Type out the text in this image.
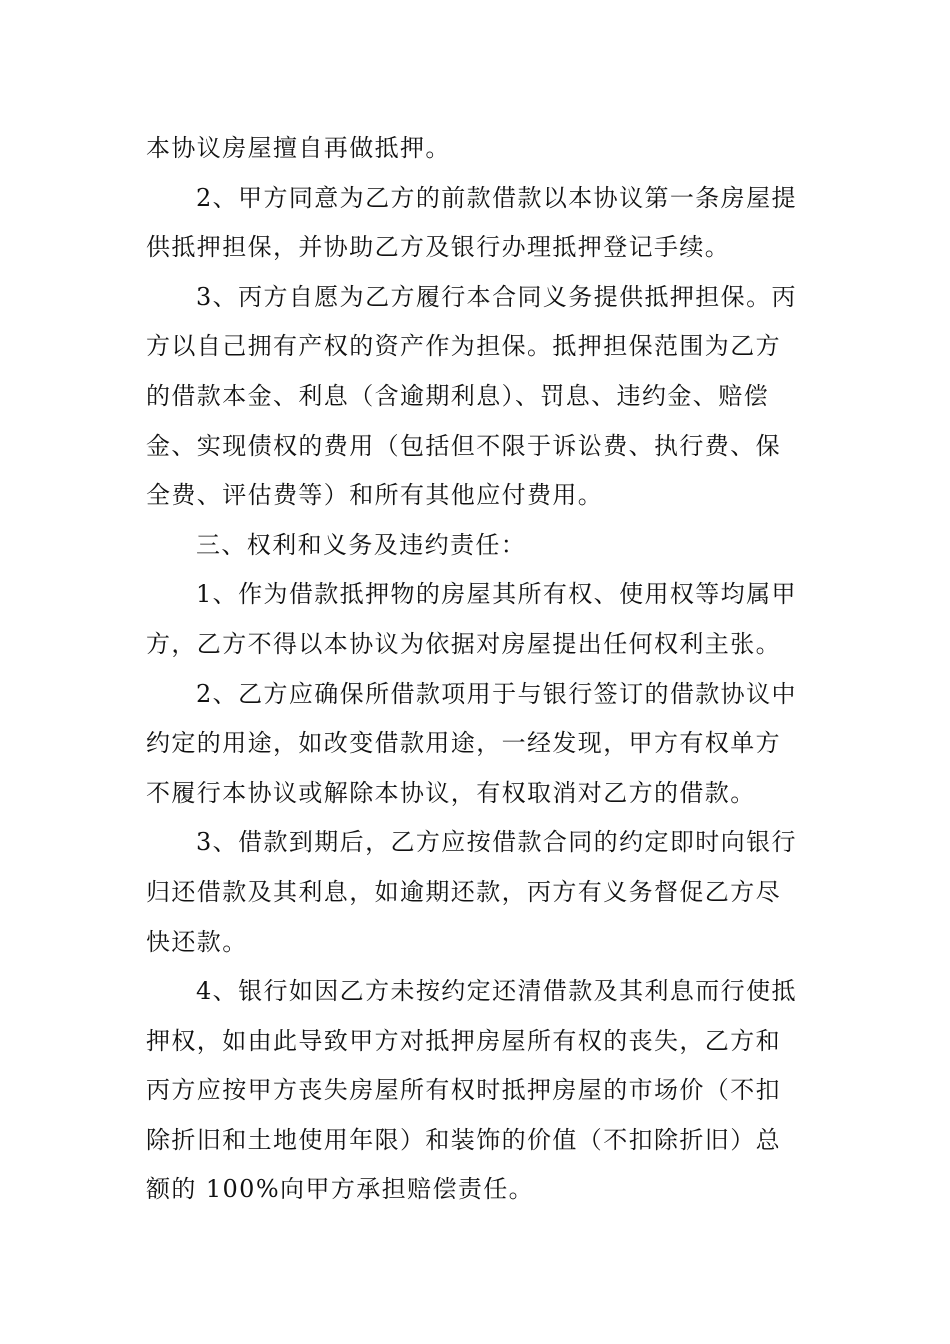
本协议房屋擅自再做抵押。
2、甲方同意为乙方的前款借款以本协议第一条房屋提
供抵押担保，并协助乙方及银行办理抵押登记手续。
3、丙方自愿为乙方履行本合同义务提供抵押担保。丙
方以自己拥有产权的资产作为担保。抵押担保范围为乙方
的借款本金、利息（含逾期利息）、罚息、违约金、赔偿
金、实现债权的费用（包括但不限于诉讼费、执行费、保
全费、评估费等）和所有其他应付费用。
三、权利和义务及违约责任：
1、作为借款抵押物的房屋其所有权、使用权等均属甲
方，乙方不得以本协议为依据对房屋提出任何权利主张。
2、乙方应确保所借款项用于与银行签订的借款协议中
约定的用途，如改变借款用途，一经发现，甲方有权单方
不履行本协议或解除本协议，有权取消对乙方的借款。
3、借款到期后，乙方应按借款合同的约定即时向银行
归还借款及其利息，如逾期还款，丙方有义务督促乙方尽
快还款。
4、银行如因乙方未按约定还清借款及其利息而行使抵
押权，如由此导致甲方对抵押房屋所有权的丧失，乙方和
丙方应按甲方丧失房屋所有权时抵押房屋的市场价（不扣
除折旧和土地使用年限）和装饰的价值（不扣除折旧）总
额的 100%向甲方承担赔偿责任。
